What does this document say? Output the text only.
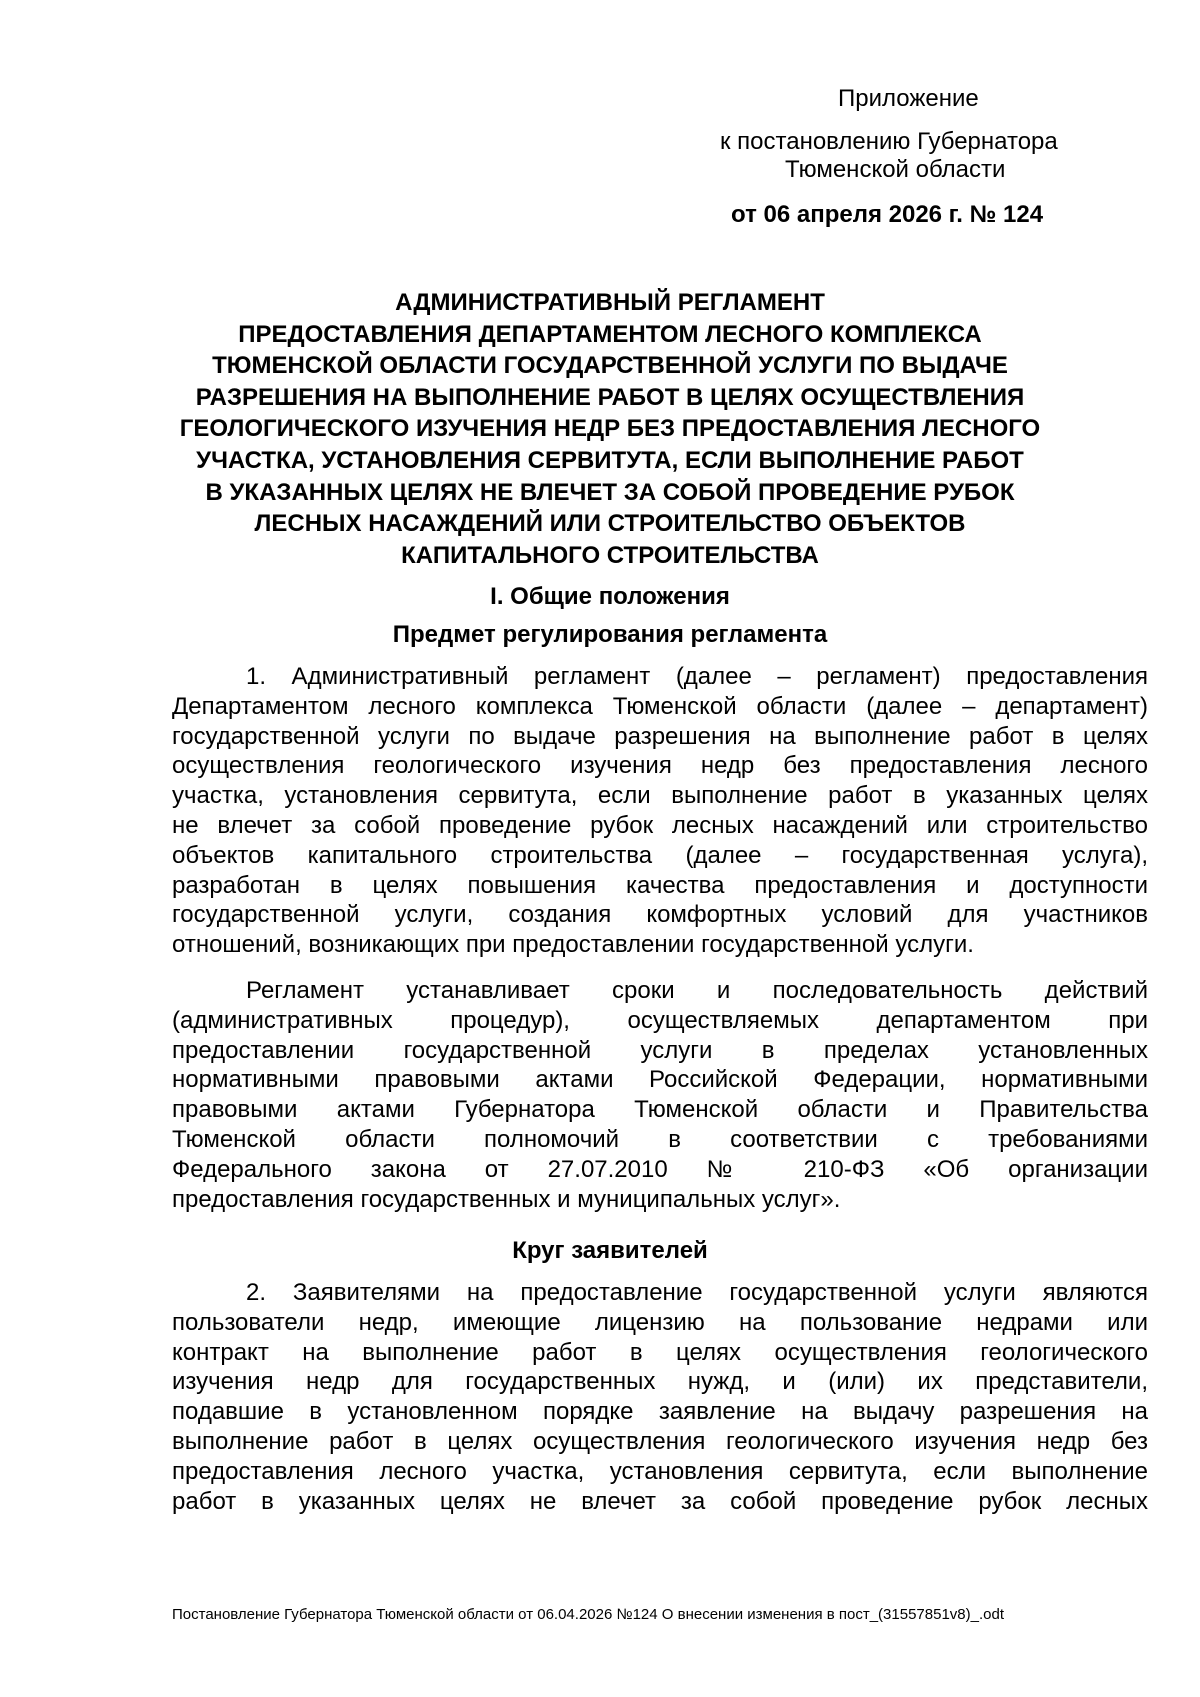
Приложение
к постановлению Губернатора
Тюменской области
от 06 апреля 2026 г. № 124
АДМИНИСТРАТИВНЫЙ РЕГЛАМЕНТ
ПРЕДОСТАВЛЕНИЯ ДЕПАРТАМЕНТОМ ЛЕСНОГО КОМПЛЕКСА
ТЮМЕНСКОЙ ОБЛАСТИ ГОСУДАРСТВЕННОЙ УСЛУГИ ПО ВЫДАЧЕ
РАЗРЕШЕНИЯ НА ВЫПОЛНЕНИЕ РАБОТ В ЦЕЛЯХ ОСУЩЕСТВЛЕНИЯ
ГЕОЛОГИЧЕСКОГО ИЗУЧЕНИЯ НЕДР БЕЗ ПРЕДОСТАВЛЕНИЯ ЛЕСНОГО
УЧАСТКА, УСТАНОВЛЕНИЯ СЕРВИТУТА, ЕСЛИ ВЫПОЛНЕНИЕ РАБОТ
В УКАЗАННЫХ ЦЕЛЯХ НЕ ВЛЕЧЕТ ЗА СОБОЙ ПРОВЕДЕНИЕ РУБОК
ЛЕСНЫХ НАСАЖДЕНИЙ ИЛИ СТРОИТЕЛЬСТВО ОБЪЕКТОВ
КАПИТАЛЬНОГО СТРОИТЕЛЬСТВА
I. Общие положения
Предмет регулирования регламента
1. Административный регламент (далее – регламент) предоставления
Департаментом лесного комплекса Тюменской области (далее – департамент)
государственной услуги по выдаче разрешения на выполнение работ в целях
осуществления геологического изучения недр без предоставления лесного
участка, установления сервитута, если выполнение работ в указанных целях
не влечет за собой проведение рубок лесных насаждений или строительство
объектов капитального строительства (далее – государственная услуга),
разработан в целях повышения качества предоставления и доступности
государственной услуги, создания комфортных условий для участников
отношений, возникающих при предоставлении государственной услуги.
Регламент устанавливает сроки и последовательность действий
(административных процедур), осуществляемых департаментом при
предоставлении государственной услуги в пределах установленных
нормативными правовыми актами Российской Федерации, нормативными
правовыми актами Губернатора Тюменской области и Правительства
Тюменской области полномочий в соответствии с требованиями
Федерального закона от 27.07.2010 № 210-ФЗ «Об организации
предоставления государственных и муниципальных услуг».
Круг заявителей
2. Заявителями на предоставление государственной услуги являются
пользователи недр, имеющие лицензию на пользование недрами или
контракт на выполнение работ в целях осуществления геологического
изучения недр для государственных нужд, и (или) их представители,
подавшие в установленном порядке заявление на выдачу разрешения на
выполнение работ в целях осуществления геологического изучения недр без
предоставления лесного участка, установления сервитута, если выполнение
работ в указанных целях не влечет за собой проведение рубок лесных
Постановление Губернатора Тюменской области от 06.04.2026 №124 О внесении изменения в пост_(31557851v8)_.odt
